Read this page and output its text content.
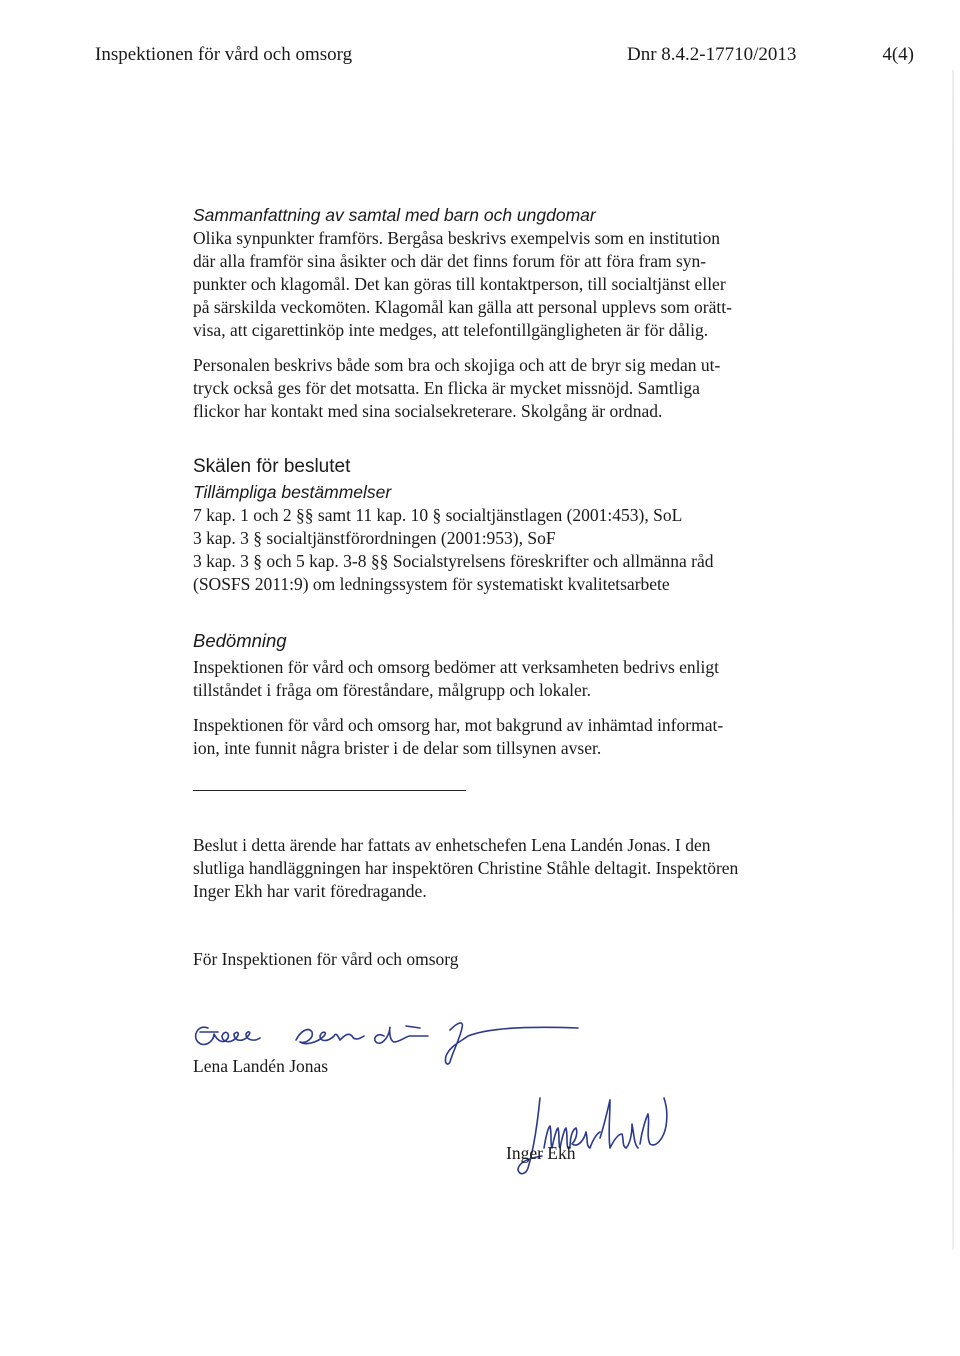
Inspektionen för vård och omsorg	Dnr 8.4.2-17710/2013	4(4)
Sammanfattning av samtal med barn och ungdomar

Olika synpunkter framförs. Bergåsa beskrivs exempelvis som en institution
där alla framför sina åsikter och där det finns forum för att föra fram syn-
punkter och klagomål. Det kan göras till kontaktperson, till socialtjänst eller
på särskilda veckomöten. Klagomål kan gälla att personal upplevs som orätt-
visa, att cigarettinköp inte medges, att telefontillgängligheten är för dålig.

Personalen beskrivs både som bra och skojiga och att de bryr sig medan ut-
tryck också ges för det motsatta. En flicka är mycket missnöjd. Samtliga
flickor har kontakt med sina socialsekreterare. Skolgång är ordnad.

Skälen för beslutet
Tillämpliga bestämmelser

7 kap. 1 och 2 §§ samt 11 kap. 10 § socialtjänstlagen (2001:453), SoL
3 kap. 3 § socialtjänstförordningen (2001:953), SoF
3 kap. 3 § och 5 kap. 3-8 §§ Socialstyrelsens föreskrifter och allmänna råd
(SOSFS 2011:9) om ledningssystem för systematiskt kvalitetsarbete

Bedömning

Inspektionen för vård och omsorg bedömer att verksamheten bedrivs enligt
tillståndet i fråga om föreståndare, målgrupp och lokaler.

Inspektionen för vård och omsorg har, mot bakgrund av inhämtad informat-
ion, inte funnit några brister i de delar som tillsynen avser.

Beslut i detta ärende har fattats av enhetschefen Lena Landén Jonas. I den
slutliga handläggningen har inspektören Christine Ståhle deltagit. Inspektören
Inger Ekh har varit föredragande.
För Inspektionen för vård och omsorg
Lena Landén Jonas
Inger Ekh
